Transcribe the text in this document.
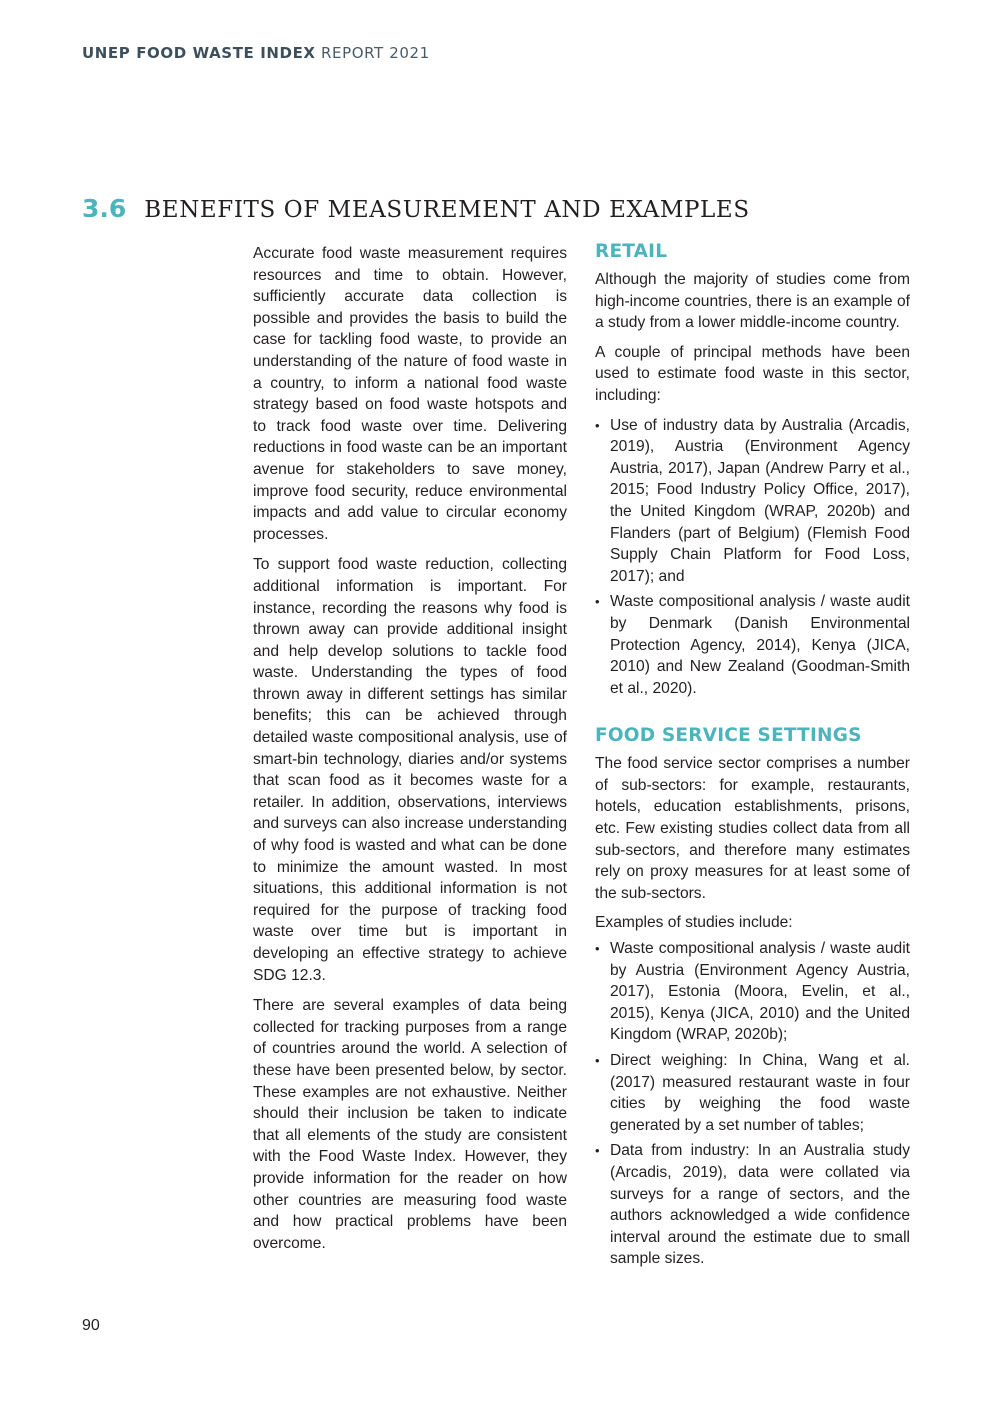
UNEP FOOD WASTE INDEX REPORT 2021
3.6 BENEFITS OF MEASUREMENT AND EXAMPLES

Accurate food waste measurement requires resources and time to obtain. However, sufficiently accurate data collection is possible and provides the basis to build the case for tackling food waste, to provide an understanding of the nature of food waste in a country, to inform a national food waste strategy based on food waste hotspots and to track food waste over time. Delivering reductions in food waste can be an important avenue for stakeholders to save money, improve food security, reduce environmental impacts and add value to circular economy processes.

To support food waste reduction, collecting additional information is important. For instance, recording the reasons why food is thrown away can provide additional insight and help develop solutions to tackle food waste. Understanding the types of food thrown away in different settings has similar benefits; this can be achieved through detailed waste compositional analysis, use of smart-bin technology, diaries and/or systems that scan food as it becomes waste for a retailer. In addition, observations, interviews and surveys can also increase understanding of why food is wasted and what can be done to minimize the amount wasted. In most situations, this additional information is not required for the purpose of tracking food waste over time but is important in developing an effective strategy to achieve SDG 12.3.

There are several examples of data being collected for tracking purposes from a range of countries around the world. A selection of these have been presented below, by sector. These examples are not exhaustive. Neither should their inclusion be taken to indicate that all elements of the study are consistent with the Food Waste Index. However, they provide information for the reader on how other countries are measuring food waste and how practical problems have been overcome.

RETAIL

Although the majority of studies come from high-income countries, there is an example of a study from a lower middle-income country.

A couple of principal methods have been used to estimate food waste in this sector, including:

• Use of industry data by Australia (Arcadis, 2019), Austria (Environment Agency Austria, 2017), Japan (Andrew Parry et al., 2015; Food Industry Policy Office, 2017), the United Kingdom (WRAP, 2020b) and Flanders (part of Belgium) (Flemish Food Supply Chain Platform for Food Loss, 2017); and
• Waste compositional analysis / waste audit by Denmark (Danish Environmental Protection Agency, 2014), Kenya (JICA, 2010) and New Zealand (Goodman-Smith et al., 2020).
FOOD SERVICE SETTINGS

The food service sector comprises a number of sub-sectors: for example, restaurants, hotels, education establishments, prisons, etc. Few existing studies collect data from all sub-sectors, and therefore many estimates rely on proxy measures for at least some of the sub-sectors.

Examples of studies include:

• Waste compositional analysis / waste audit by Austria (Environment Agency Austria, 2017), Estonia (Moora, Evelin, et al., 2015), Kenya (JICA, 2010) and the United Kingdom (WRAP, 2020b);
• Direct weighing: In China, Wang et al. (2017) measured restaurant waste in four cities by weighing the food waste generated by a set number of tables;
• Data from industry: In an Australia study (Arcadis, 2019), data were collated via surveys for a range of sectors, and the authors acknowledged a wide confidence interval around the estimate due to small sample sizes.
90
